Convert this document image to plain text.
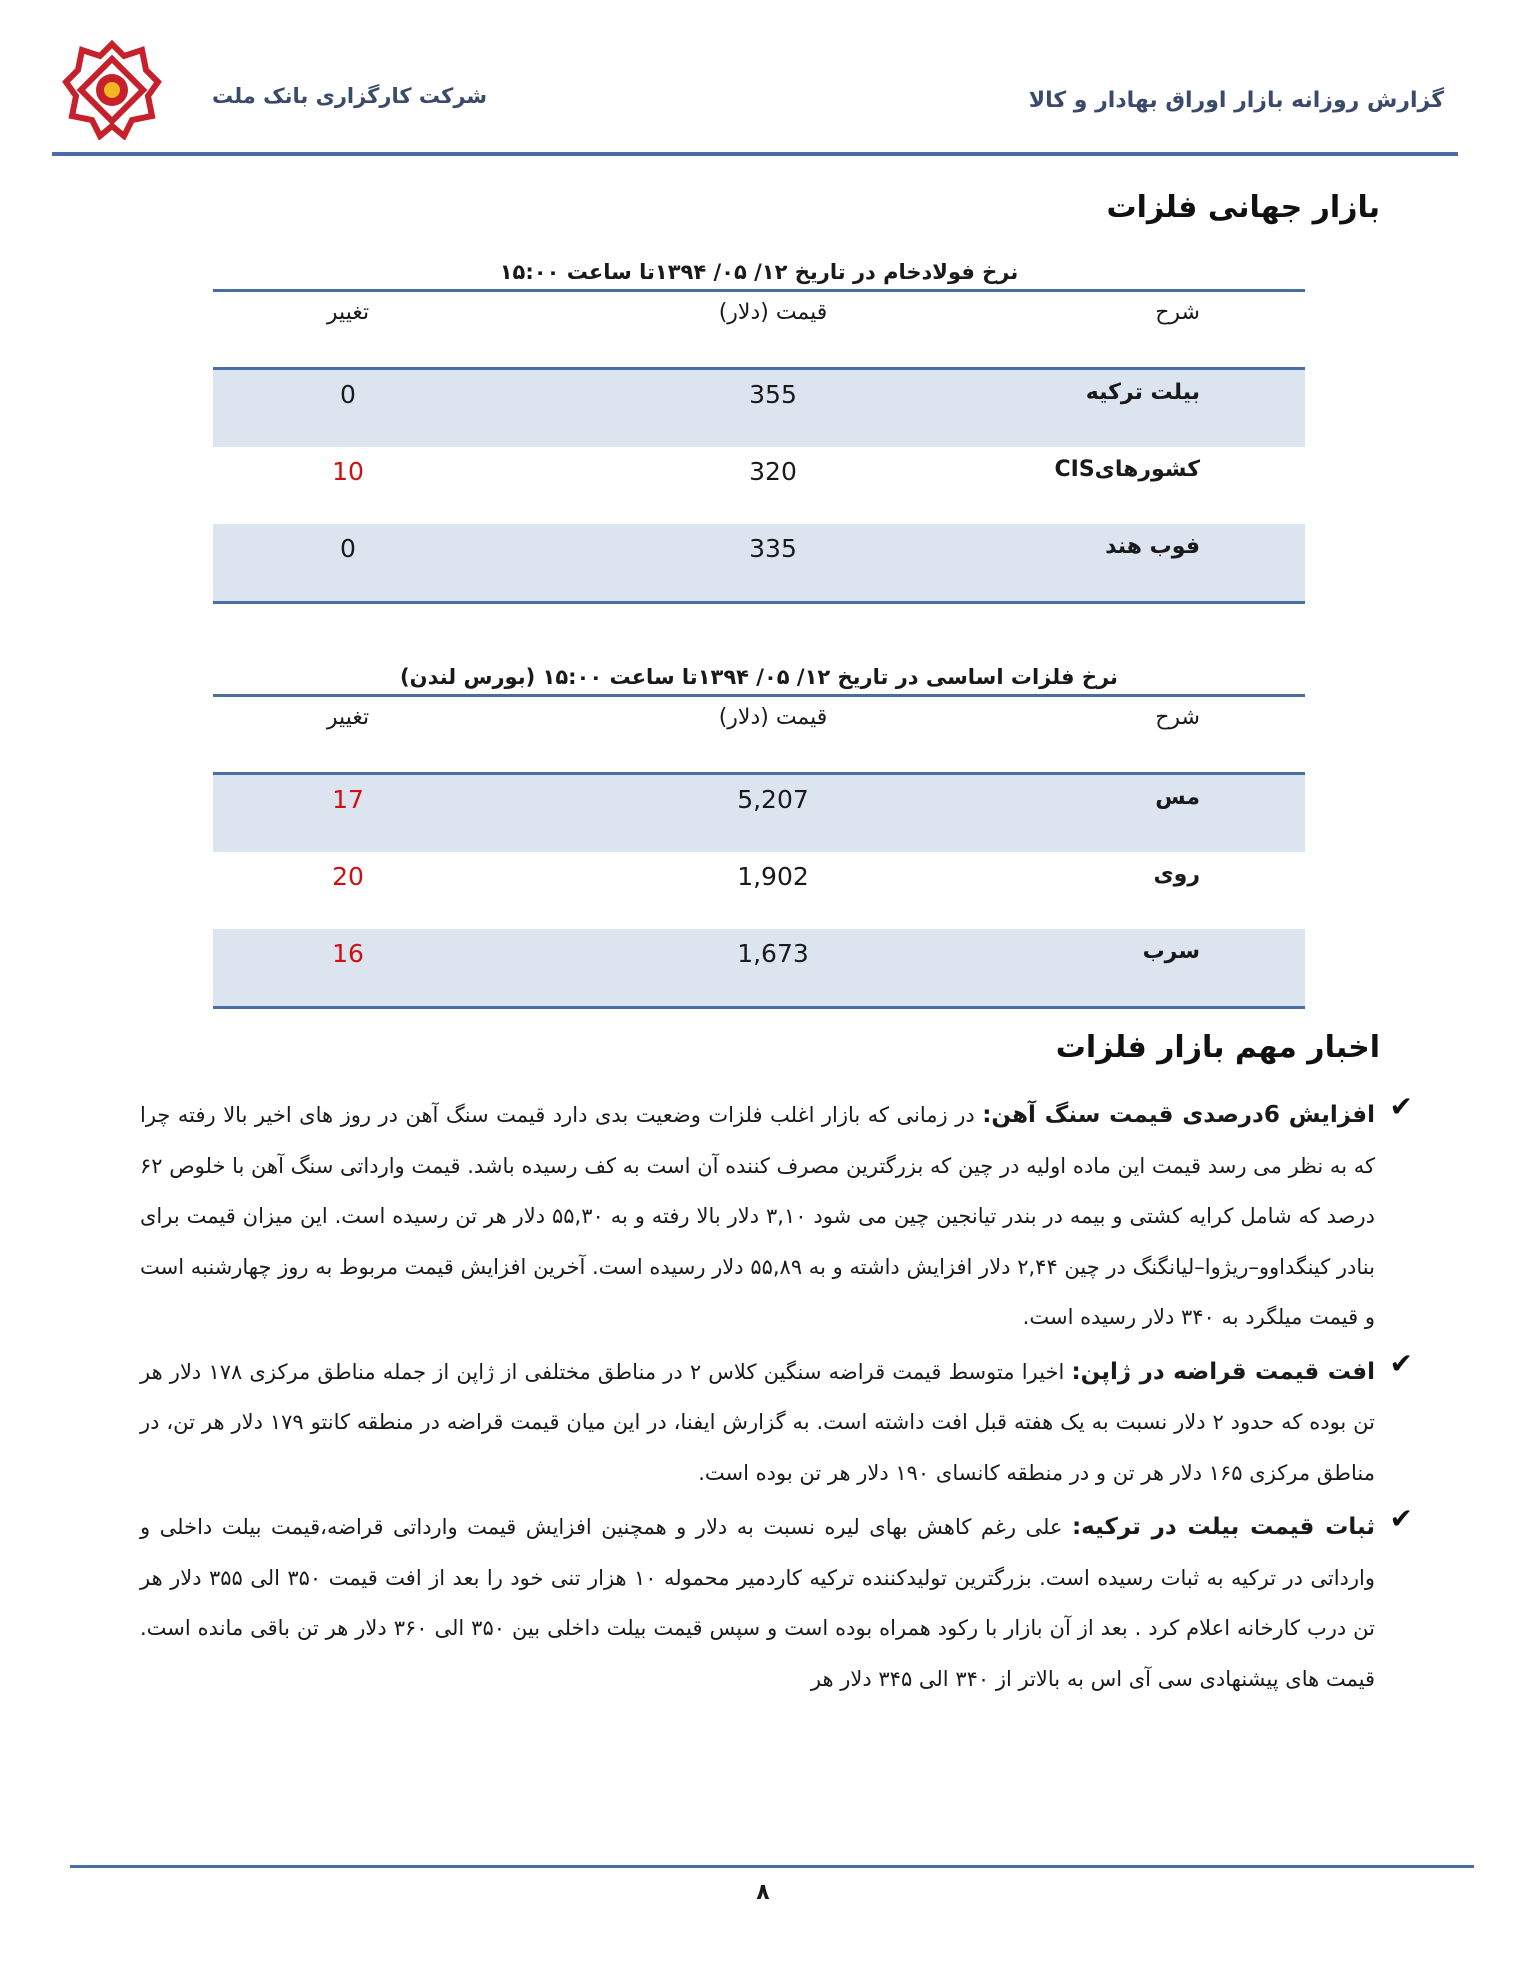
شرکت کارگزاری بانک ملت	گزارش روزانه بازار اوراق بهادار و کالا
بازار جهانی فلزات
نرخ فولادخام در تاریخ ۱۲/ ۰۵/ ۱۳۹۴تا ساعت ۱۵:۰۰
شرح
قیمت (دلار)
تغییر
بیلت ترکیه
355
0
کشورهایCIS
320
10
فوب هند
335
0
نرخ فلزات اساسی در تاریخ ۱۲/ ۰۵/ ۱۳۹۴تا ساعت ۱۵:۰۰ (بورس لندن)
شرح
قیمت (دلار)
تغییر
مس
5,207
17
روی
1,902
20
سرب
1,673
16
اخبار مهم بازار فلزات
✔

افزایش 6درصدی قیمت سنگ آهن: در زمانی که بازار اغلب فلزات وضعیت بدی دارد قیمت سنگ آهن در روز های اخیر بالا رفته چرا که به نظر می رسد قیمت این ماده اولیه در چین که بزرگترین مصرف کننده آن است به کف رسیده باشد. قیمت وارداتی سنگ آهن با خلوص ۶۲ درصد که شامل کرایه کشتی و بیمه در بندر تیانجین چین می شود ۳,۱۰ دلار بالا رفته و به ۵۵,۳۰ دلار هر تن رسیده است. این میزان قیمت برای بنادر کینگداوو–ریژوا–لیانگنگ در چین ۲,۴۴ دلار افزایش داشته و به ۵۵,۸۹ دلار رسیده است. آخرین افزایش قیمت مربوط به روز چهارشنبه است و قیمت میلگرد به ۳۴۰ دلار رسیده است.

✔

افت قیمت قراضه در ژاپن: اخیرا متوسط قیمت قراضه سنگین کلاس ۲ در مناطق مختلفی از ژاپن از جمله مناطق مرکزی ۱۷۸ دلار هر تن بوده که حدود ۲ دلار نسبت به یک هفته قبل افت داشته است. به گزارش ایفنا، در این میان قیمت قراضه در منطقه کانتو ۱۷۹ دلار هر تن، در مناطق مرکزی ۱۶۵ دلار هر تن و در منطقه کانسای ۱۹۰ دلار هر تن بوده است.

✔

ثبات قیمت بیلت در ترکیه: علی رغم کاهش بهای لیره نسبت به دلار و همچنین افزایش قیمت وارداتی قراضه،قیمت بیلت داخلی و وارداتی در ترکیه به ثبات رسیده است. بزرگترین تولیدکننده ترکیه کاردمیر محموله ۱۰ هزار تنی خود را بعد از افت قیمت ۳۵۰ الی ۳۵۵ دلار هر تن درب کارخانه اعلام کرد . بعد از آن بازار با رکود همراه بوده است و سپس قیمت بیلت داخلی بین ۳۵۰ الی ۳۶۰ دلار هر تن باقی مانده است. قیمت های پیشنهادی سی آی اس به بالاتر از ۳۴۰ الی ۳۴۵ دلار هر

۸
